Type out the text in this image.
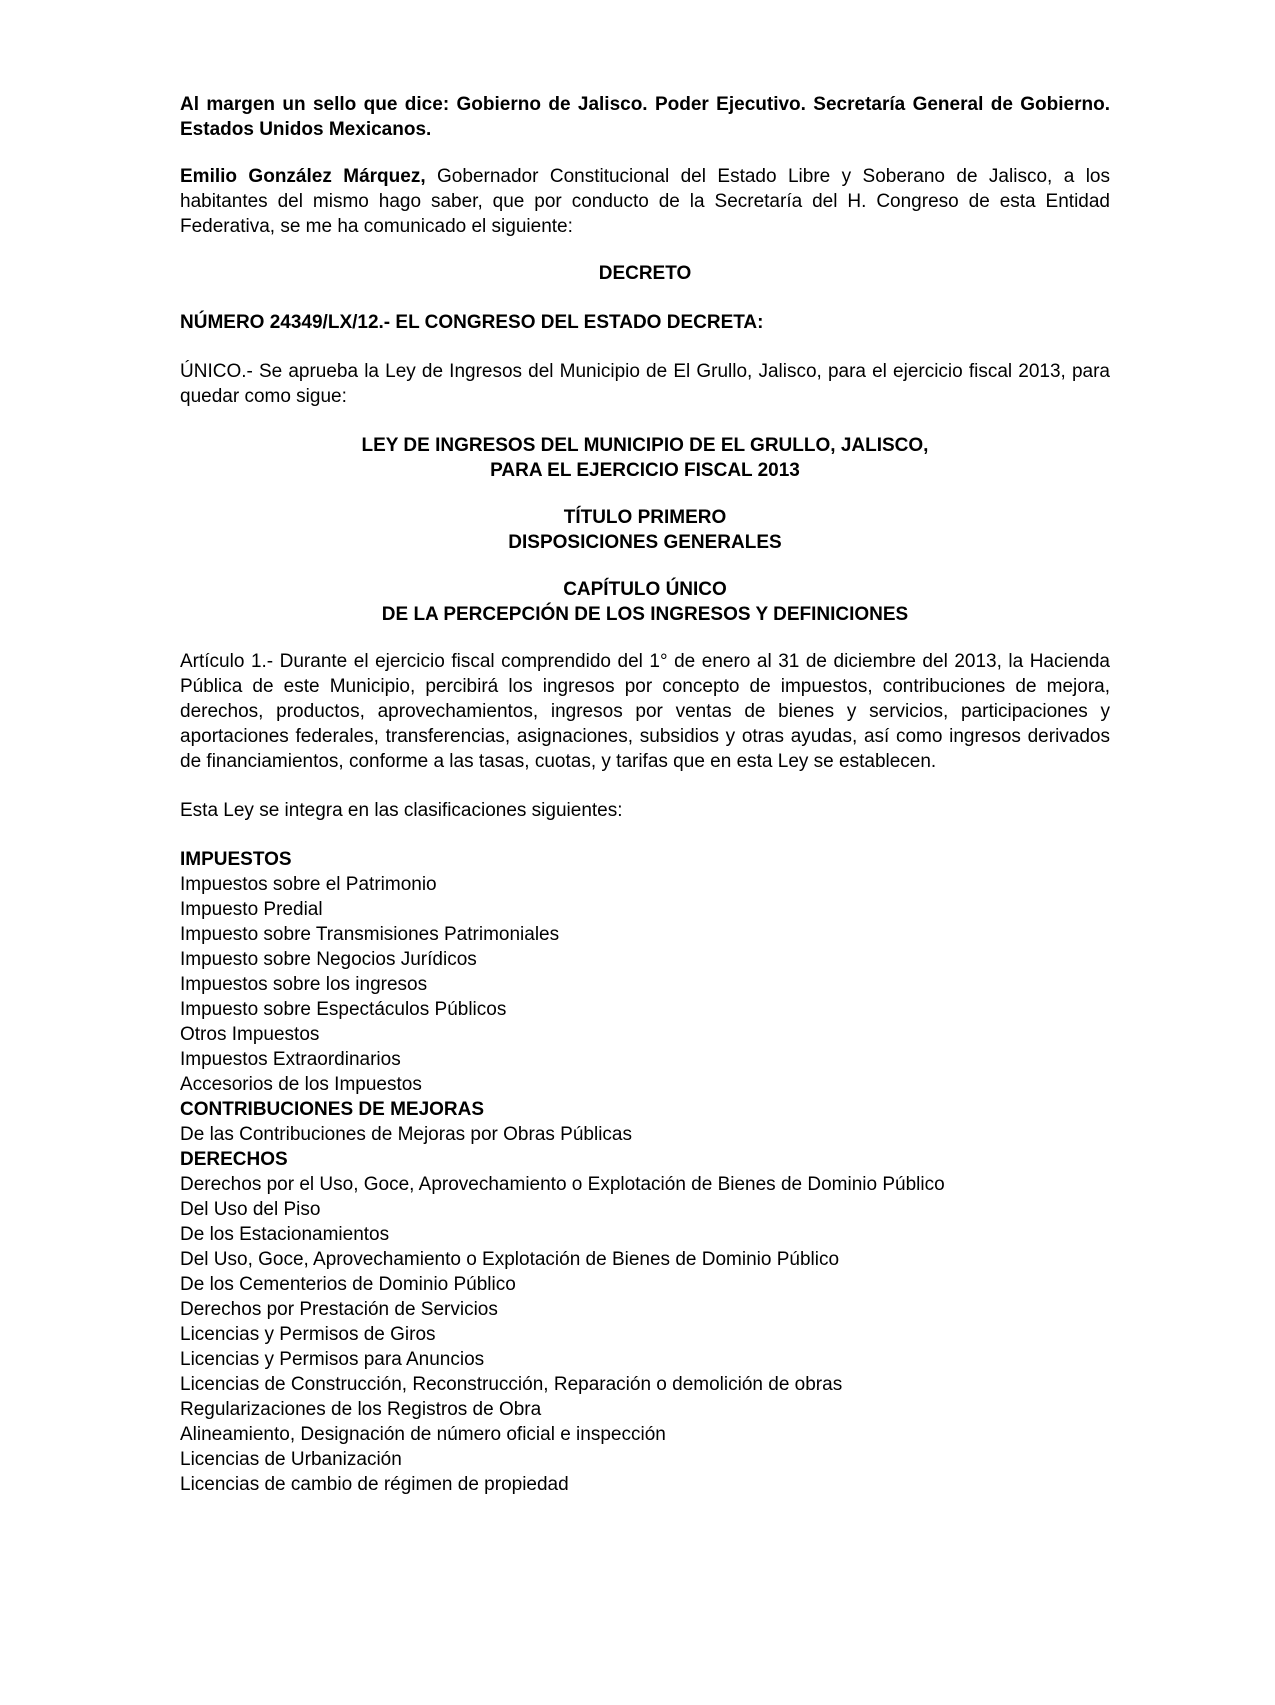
Al margen un sello que dice: Gobierno de Jalisco. Poder Ejecutivo. Secretaría General de Gobierno. Estados Unidos Mexicanos.

Emilio González Márquez, Gobernador Constitucional del Estado Libre y Soberano de Jalisco, a los habitantes del mismo hago saber, que por conducto de la Secretaría del H. Congreso de esta Entidad Federativa, se me ha comunicado el siguiente:

DECRETO

NÚMERO 24349/LX/12.- EL CONGRESO DEL ESTADO DECRETA:

ÚNICO.- Se aprueba la Ley de Ingresos del Municipio de El Grullo, Jalisco, para el ejercicio fiscal 2013, para quedar como sigue:

LEY DE INGRESOS DEL MUNICIPIO DE EL GRULLO, JALISCO,

PARA EL EJERCICIO FISCAL 2013

TÍTULO PRIMERO

DISPOSICIONES GENERALES

CAPÍTULO ÚNICO

DE LA PERCEPCIÓN DE LOS INGRESOS Y DEFINICIONES

Artículo 1.- Durante el ejercicio fiscal comprendido del 1° de enero al 31 de diciembre del 2013, la Hacienda Pública de este Municipio, percibirá los ingresos por concepto de impuestos, contribuciones de mejora, derechos, productos, aprovechamientos, ingresos por ventas de bienes y servicios, participaciones y aportaciones federales, transferencias, asignaciones, subsidios y otras ayudas, así como ingresos derivados de financiamientos, conforme a las tasas, cuotas, y tarifas que en esta Ley se establecen.

Esta Ley se integra en las clasificaciones siguientes:

IMPUESTOS
Impuestos sobre el Patrimonio
Impuesto Predial
Impuesto sobre Transmisiones Patrimoniales
Impuesto sobre Negocios Jurídicos
Impuestos sobre los ingresos
Impuesto sobre Espectáculos Públicos
Otros Impuestos
Impuestos Extraordinarios
Accesorios de los Impuestos
CONTRIBUCIONES DE MEJORAS
De las Contribuciones de Mejoras por Obras Públicas
DERECHOS
Derechos por el Uso, Goce, Aprovechamiento o Explotación de Bienes de Dominio Público
Del Uso del Piso
De los Estacionamientos
Del Uso, Goce, Aprovechamiento o Explotación de Bienes de Dominio Público
De los Cementerios de Dominio Público
Derechos por Prestación de Servicios
Licencias y Permisos de Giros
Licencias y Permisos para Anuncios
Licencias de Construcción, Reconstrucción, Reparación o demolición de obras
Regularizaciones de los Registros de Obra
Alineamiento, Designación de número oficial e inspección
Licencias de Urbanización
Licencias de cambio de régimen de propiedad
